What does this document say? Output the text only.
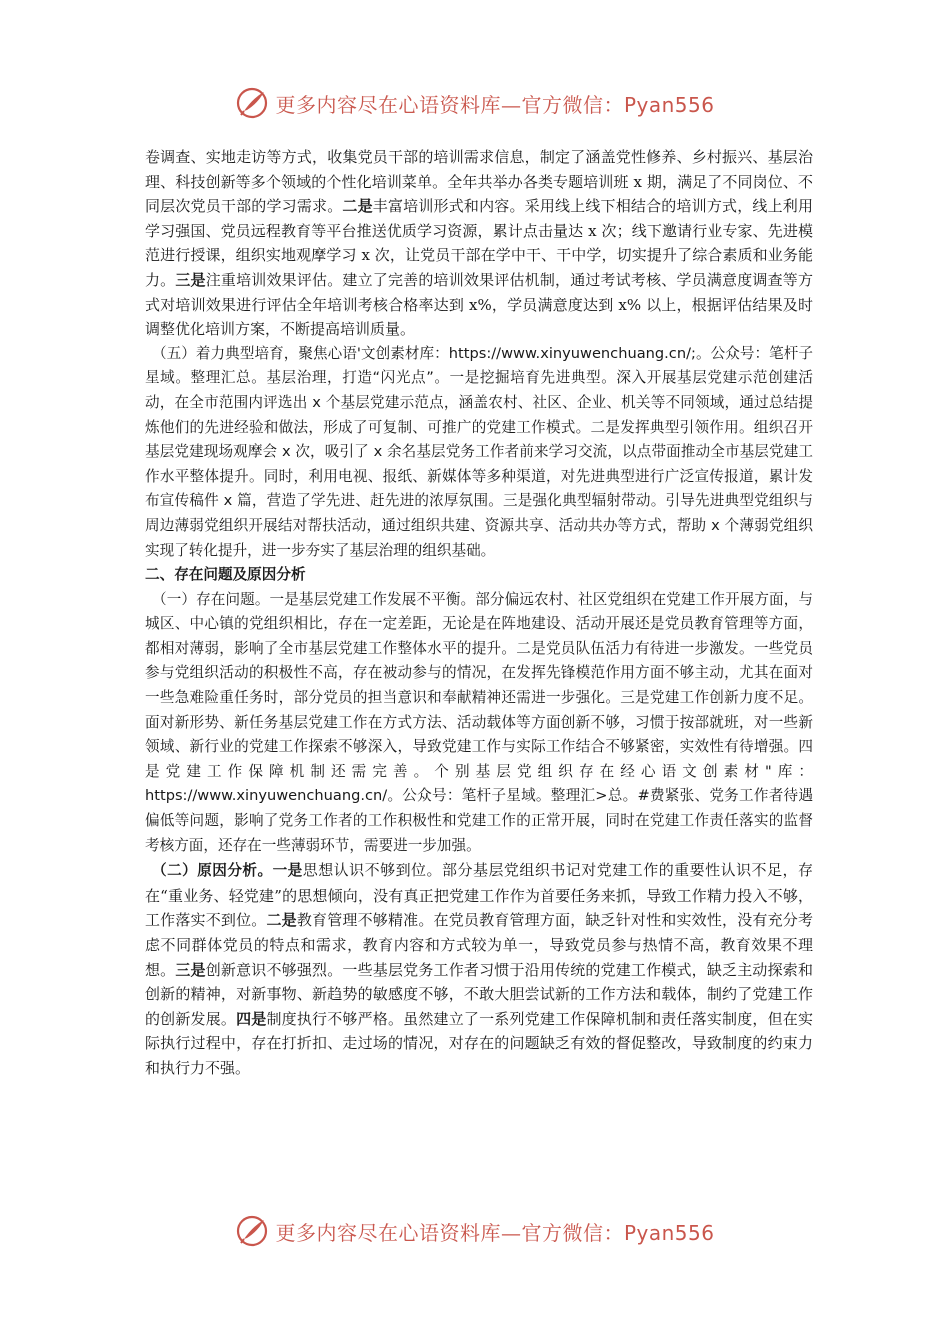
更多内容尽在心语资料库— 官方微信：Pyan556

卷调查、实地走访等方式，收集党员干部的培训需求信息，制定了涵盖党性修养、乡村振兴、基层治理、科技创新等多个领域的个性化培训菜单。全年共举办各类专题培训班 x 期，满足了不同岗位、不同层次党员干部的学习需求。二是丰富培训形式和内容。采用线上线下相结合的培训方式，线上利用学习强国、党员远程教育等平台推送优质学习资源，累计点击量达 x 次；线下邀请行业专家、先进模范进行授课，组织实地观摩学习 x 次，让党员干部在学中干、干中学，切实提升了综合素质和业务能力。三是注重培训效果评估。建立了完善的培训效果评估机制，通过考试考核、学员满意度调查等方式对培训效果进行评估全年培训考核合格率达到 x%，学员满意度达到 x% 以上，根据评估结果及时调整优化培训方案，不断提高培训质量。

（五）着力典型培育，聚焦心语'文创素材库：https://www.xinyuwenchuang.cn/;。公众号：笔杆子星域。整理汇总。基层治理，打造“闪光点”。一是挖掘培育先进典型。深入开展基层党建示范创建活动，在全市范围内评选出 x 个基层党建示范点，涵盖农村、社区、企业、机关等不同领域，通过总结提炼他们的先进经验和做法，形成了可复制、可推广的党建工作模式。二是发挥典型引领作用。组织召开基层党建现场观摩会 x 次，吸引了 x 余名基层党务工作者前来学习交流，以点带面推动全市基层党建工作水平整体提升。同时，利用电视、报纸、新媒体等多种渠道，对先进典型进行广泛宣传报道，累计发布宣传稿件 x 篇，营造了学先进、赶先进的浓厚氛围。三是强化典型辐射带动。引导先进典型党组织与周边薄弱党组织开展结对帮扶活动，通过组织共建、资源共享、活动共办等方式，帮助 x 个薄弱党组织实现了转化提升，进一步夯实了基层治理的组织基础。

二、存在问题及原因分析

（一）存在问题。一是基层党建工作发展不平衡。部分偏远农村、社区党组织在党建工作开展方面，与城区、中心镇的党组织相比，存在一定差距，无论是在阵地建设、活动开展还是党员教育管理等方面，都相对薄弱，影响了全市基层党建工作整体水平的提升。二是党员队伍活力有待进一步激发。一些党员参与党组织活动的积极性不高，存在被动参与的情况，在发挥先锋模范作用方面不够主动，尤其在面对一些急难险重任务时，部分党员的担当意识和奉献精神还需进一步强化。三是党建工作创新力度不足。面对新形势、新任务基层党建工作在方式方法、活动载体等方面创新不够，习惯于按部就班，对一些新领域、新行业的党建工作探索不够深入，导致党建工作与实际工作结合不够紧密，实效性有待增强。四是党建工作保障机制还需完善。个别基层党组织存在经心语文创素材"库：https://www.xinyuwenchuang.cn/。公众号：笔杆子星域。整理汇>总。#费紧张、党务工作者待遇偏低等问题，影响了党务工作者的工作积极性和党建工作的正常开展，同时在党建工作责任落实的监督考核方面，还存在一些薄弱环节，需要进一步加强。

（二）原因分析。一是思想认识不够到位。部分基层党组织书记对党建工作的重要性认识不足，存在“重业务、轻党建”的思想倾向，没有真正把党建工作作为首要任务来抓，导致工作精力投入不够，工作落实不到位。二是教育管理不够精准。在党员教育管理方面，缺乏针对性和实效性，没有充分考虑不同群体党员的特点和需求，教育内容和方式较为单一，导致党员参与热情不高，教育效果不理想。三是创新意识不够强烈。一些基层党务工作者习惯于沿用传统的党建工作模式，缺乏主动探索和创新的精神，对新事物、新趋势的敏感度不够，不敢大胆尝试新的工作方法和载体，制约了党建工作的创新发展。四是制度执行不够严格。虽然建立了一系列党建工作保障机制和责任落实制度，但在实际执行过程中，存在打折扣、走过场的情况，对存在的问题缺乏有效的督促整改，导致制度的约束力和执行力不强。

更多内容尽在心语资料库— 官方微信：Pyan556
